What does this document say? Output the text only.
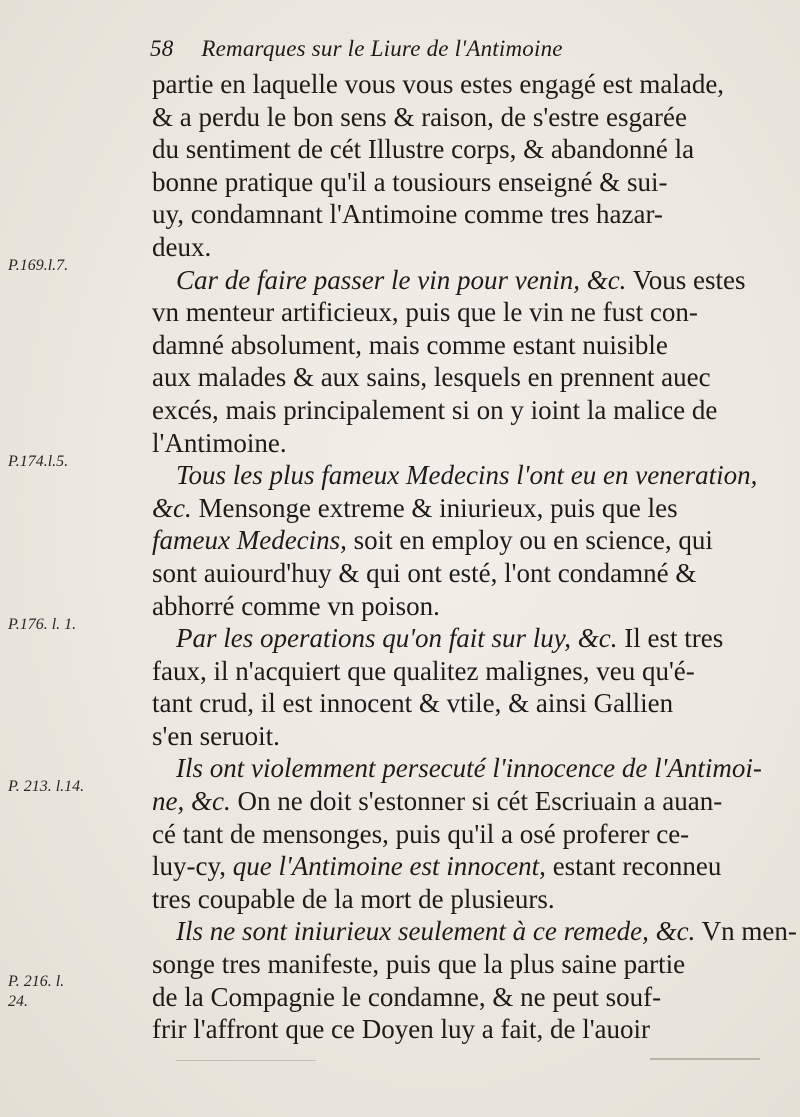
58 Remarques sur le Liure de l'Antimoine
P.169.l.7.
P.174.l.5.
P.176. l. 1.
P. 213. l.14.
P. 216. l. 24.
partie en laquelle vous vous estes engagé est malade,
& a perdu le bon sens & raison, de s'estre esgarée
du sentiment de cét Illustre corps, & abandonné la
bonne pratique qu'il a tousiours enseigné & sui-
uy, condamnant l'Antimoine comme tres hazar-
deux.
Car de faire passer le vin pour venin, &c. Vous estes
vn menteur artificieux, puis que le vin ne fust con-
damné absolument, mais comme estant nuisible
aux malades & aux sains, lesquels en prennent auec
excés, mais principalement si on y ioint la malice de
l'Antimoine.
Tous les plus fameux Medecins l'ont eu en veneration,
&c. Mensonge extreme & iniurieux, puis que les
fameux Medecins, soit en employ ou en science, qui
sont auiourd'huy & qui ont esté, l'ont condamné &
abhorré comme vn poison.
Par les operations qu'on fait sur luy, &c. Il est tres
faux, il n'acquiert que qualitez malignes, veu qu'é-
tant crud, il est innocent & vtile, & ainsi Gallien
s'en seruoit.
Ils ont violemment persecuté l'innocence de l'Antimoi-
ne, &c. On ne doit s'estonner si cét Escriuain a auan-
cé tant de mensonges, puis qu'il a osé proferer ce-
luy-cy, que l'Antimoine est innocent, estant reconneu
tres coupable de la mort de plusieurs.
Ils ne sont iniurieux seulement à ce remede, &c. Vn men-
songe tres manifeste, puis que la plus saine partie
de la Compagnie le condamne, & ne peut souf-
frir l'affront que ce Doyen luy a fait, de l'auoir
